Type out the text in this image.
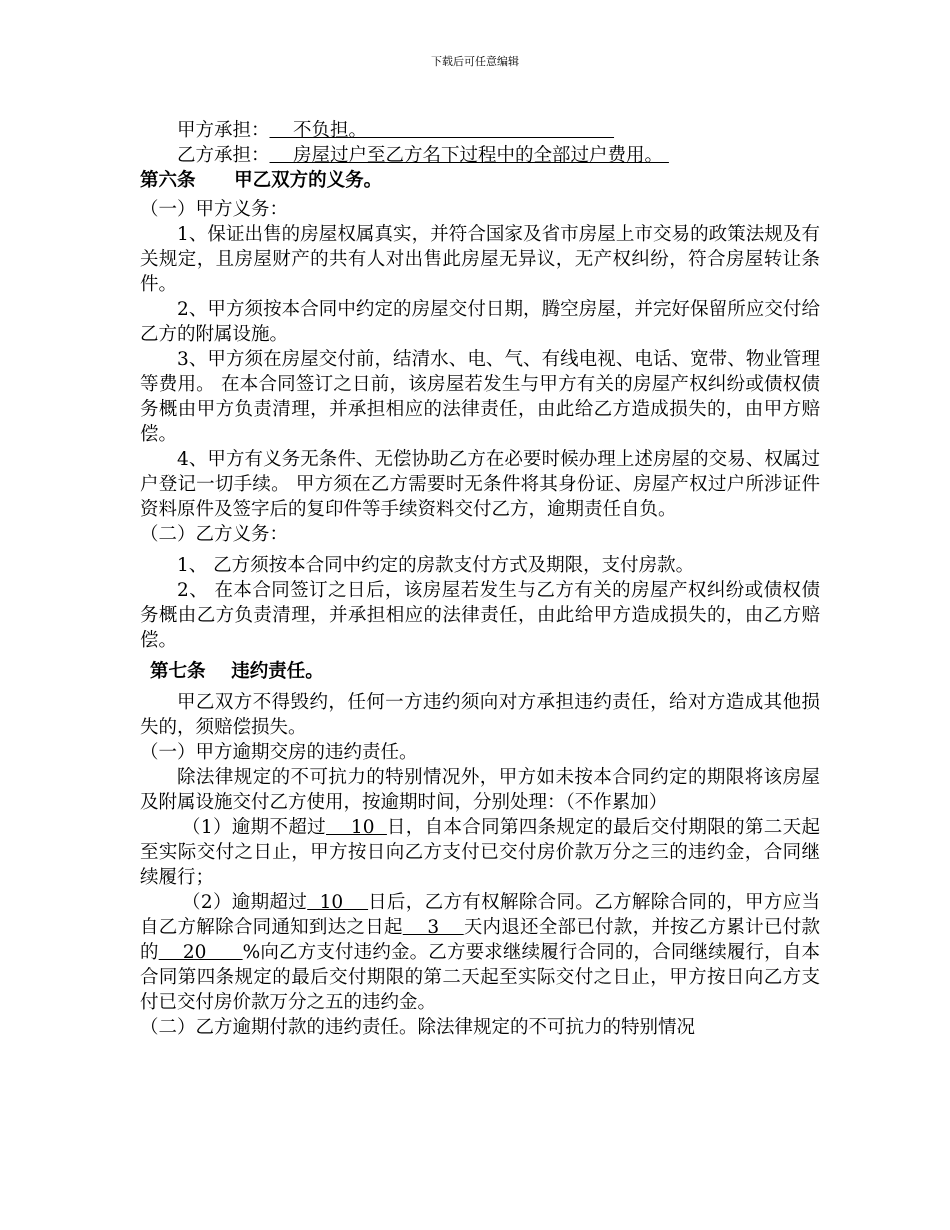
下载后可任意编辑

甲方承担：    不负担。

乙方承担：    房屋过户至乙方名下过程中的全部过户费用。

第六条      甲乙双方的义务。

（一）甲方义务：

1、保证出售的房屋权属真实，并符合国家及省市房屋上市交易的政策法规及有关规定，且房屋财产的共有人对出售此房屋无异议，无产权纠纷，符合房屋转让条件。

2、甲方须按本合同中约定的房屋交付日期，腾空房屋，并完好保留所应交付给乙方的附属设施。

3、甲方须在房屋交付前，结清水、电、气、有线电视、电话、宽带、物业管理等费用。 在本合同签订之日前，该房屋若发生与甲方有关的房屋产权纠纷或债权债务概由甲方负责清理，并承担相应的法律责任，由此给乙方造成损失的，由甲方赔偿。

4、甲方有义务无条件、无偿协助乙方在必要时候办理上述房屋的交易、权属过户登记一切手续。 甲方须在乙方需要时无条件将其身份证、房屋产权过户所涉证件资料原件及签字后的复印件等手续资料交付乙方，逾期责任自负。

（二）乙方义务：

1、 乙方须按本合同中约定的房款支付方式及期限，支付房款。

2、 在本合同签订之日后，该房屋若发生与乙方有关的房屋产权纠纷或债权债务概由乙方负责清理，并承担相应的法律责任，由此给甲方造成损失的，由乙方赔偿。

第七条    违约责任。

甲乙双方不得毁约，任何一方违约须向对方承担违约责任，给对方造成其他损失的，须赔偿损失。

（一）甲方逾期交房的违约责任。

除法律规定的不可抗力的特别情况外，甲方如未按本合同约定的期限将该房屋及附属设施交付乙方使用，按逾期时间，分别处理：（不作累加）

（1）逾期不超过    10  日，自本合同第四条规定的最后交付期限的第二天起至实际交付之日止，甲方按日向乙方支付已交付房价款万分之三的违约金，合同继续履行；

（2）逾期超过  10    日后，乙方有权解除合同。乙方解除合同的，甲方应当自乙方解除合同通知到达之日起    3    天内退还全部已付款，并按乙方累计已付款的    20      %向乙方支付违约金。乙方要求继续履行合同的，合同继续履行，自本合同第四条规定的最后交付期限的第二天起至实际交付之日止，甲方按日向乙方支付已交付房价款万分之五的违约金。

（二）乙方逾期付款的违约责任。除法律规定的不可抗力的特别情况
